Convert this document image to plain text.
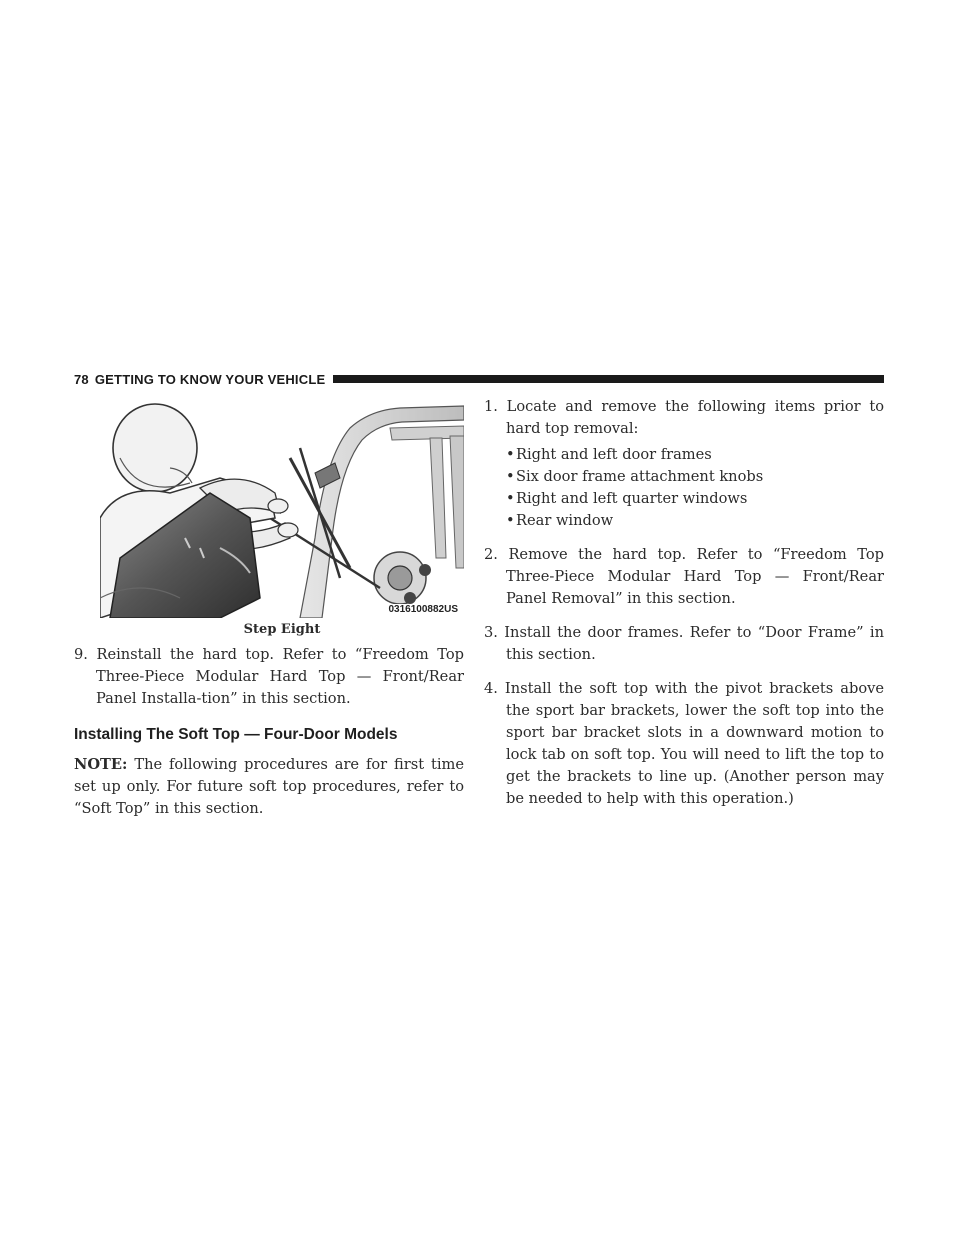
78 GETTING TO KNOW YOUR VEHICLE
0316100882US
Step Eight

9. Reinstall the hard top. Refer to “Freedom Top Three-Piece Modular Hard Top — Front/Rear Panel Installa-tion” in this section.

Installing The Soft Top — Four-Door Models

NOTE: The following procedures are for first time set up only. For future soft top procedures, refer to “Soft Top” in this section.

1. Locate and remove the following items prior to hard top removal:

• Right and left door frames
• Six door frame attachment knobs
• Right and left quarter windows
• Rear window

2. Remove the hard top. Refer to “Freedom Top Three-Piece Modular Hard Top — Front/Rear Panel Removal” in this section.

3. Install the door frames. Refer to “Door Frame” in this section.

4. Install the soft top with the pivot brackets above the sport bar brackets, lower the soft top into the sport bar bracket slots in a downward motion to lock tab on soft top. You will need to lift the top to get the brackets to line up. (Another person may be needed to help with this operation.)
